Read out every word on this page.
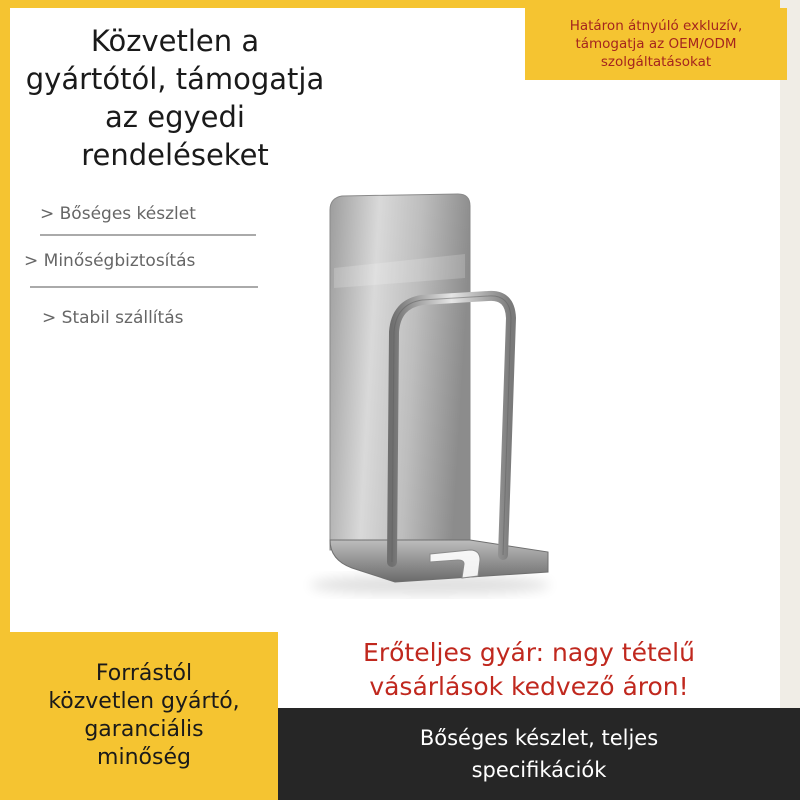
Határon átnyúló exkluzív,
támogatja az OEM/ODM
szolgáltatásokat
Közvetlen a
gyártótól, támogatja
az egyedi
rendeléseket
> Bőséges készlet
> Minőségbiztosítás
> Stabil szállítás
Forrástól
közvetlen gyártó,
garanciális
minőség
Erőteljes gyár: nagy tételű
vásárlások kedvező áron!
Bőséges készlet, teljes
specifikációk
